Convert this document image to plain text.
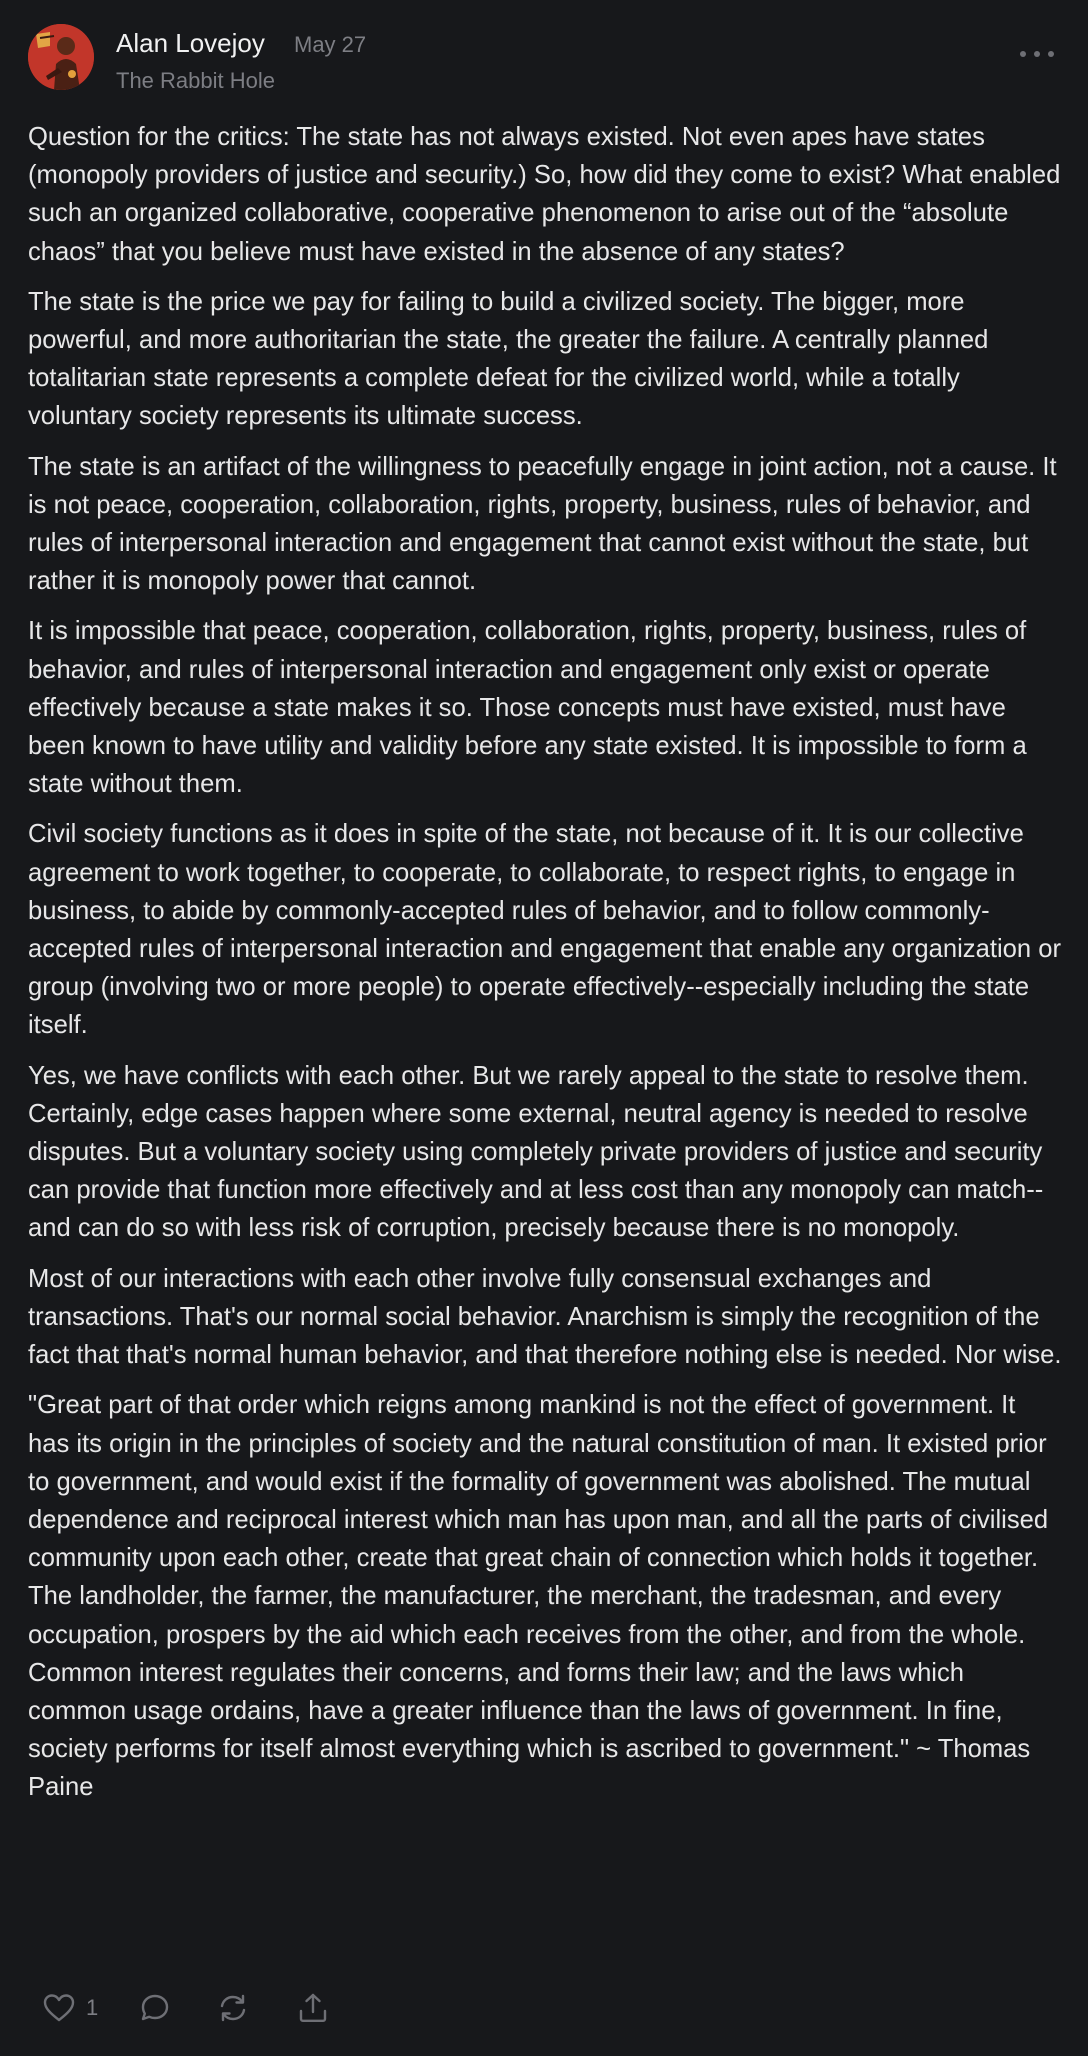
Alan Lovejoy May 27
The Rabbit Hole

Question for the critics: The state has not always existed. Not even apes have states (monopoly providers of justice and security.) So, how did they come to exist? What enabled such an organized collaborative, cooperative phenomenon to arise out of the “absolute chaos” that you believe must have existed in the absence of any states?

The state is the price we pay for failing to build a civilized society. The bigger, more powerful, and more authoritarian the state, the greater the failure. A centrally planned totalitarian state represents a complete defeat for the civilized world, while a totally voluntary society represents its ultimate success.

The state is an artifact of the willingness to peacefully engage in joint action, not a cause. It is not peace, cooperation, collaboration, rights, property, business, rules of behavior, and rules of interpersonal interaction and engagement that cannot exist without the state, but rather it is monopoly power that cannot.

It is impossible that peace, cooperation, collaboration, rights, property, business, rules of behavior, and rules of interpersonal interaction and engagement only exist or operate effectively because a state makes it so. Those concepts must have existed, must have been known to have utility and validity before any state existed. It is impossible to form a state without them.

Civil society functions as it does in spite of the state, not because of it. It is our collective agreement to work together, to cooperate, to collaborate, to respect rights, to engage in business, to abide by commonly-accepted rules of behavior, and to follow commonly-accepted rules of interpersonal interaction and engagement that enable any organization or group (involving two or more people) to operate effectively--especially including the state itself.

Yes, we have conflicts with each other. But we rarely appeal to the state to resolve them. Certainly, edge cases happen where some external, neutral agency is needed to resolve disputes. But a voluntary society using completely private providers of justice and security can provide that function more effectively and at less cost than any monopoly can match--and can do so with less risk of corruption, precisely because there is no monopoly.

Most of our interactions with each other involve fully consensual exchanges and transactions. That's our normal social behavior. Anarchism is simply the recognition of the fact that that's normal human behavior, and that therefore nothing else is needed. Nor wise.

"Great part of that order which reigns among mankind is not the effect of government. It has its origin in the principles of society and the natural constitution of man. It existed prior to government, and would exist if the formality of government was abolished. The mutual dependence and reciprocal interest which man has upon man, and all the parts of civilised community upon each other, create that great chain of connection which holds it together. The landholder, the farmer, the manufacturer, the merchant, the tradesman, and every occupation, prospers by the aid which each receives from the other, and from the whole. Common interest regulates their concerns, and forms their law; and the laws which common usage ordains, have a greater influence than the laws of government. In fine, society performs for itself almost everything which is ascribed to government." ~ Thomas Paine

1
